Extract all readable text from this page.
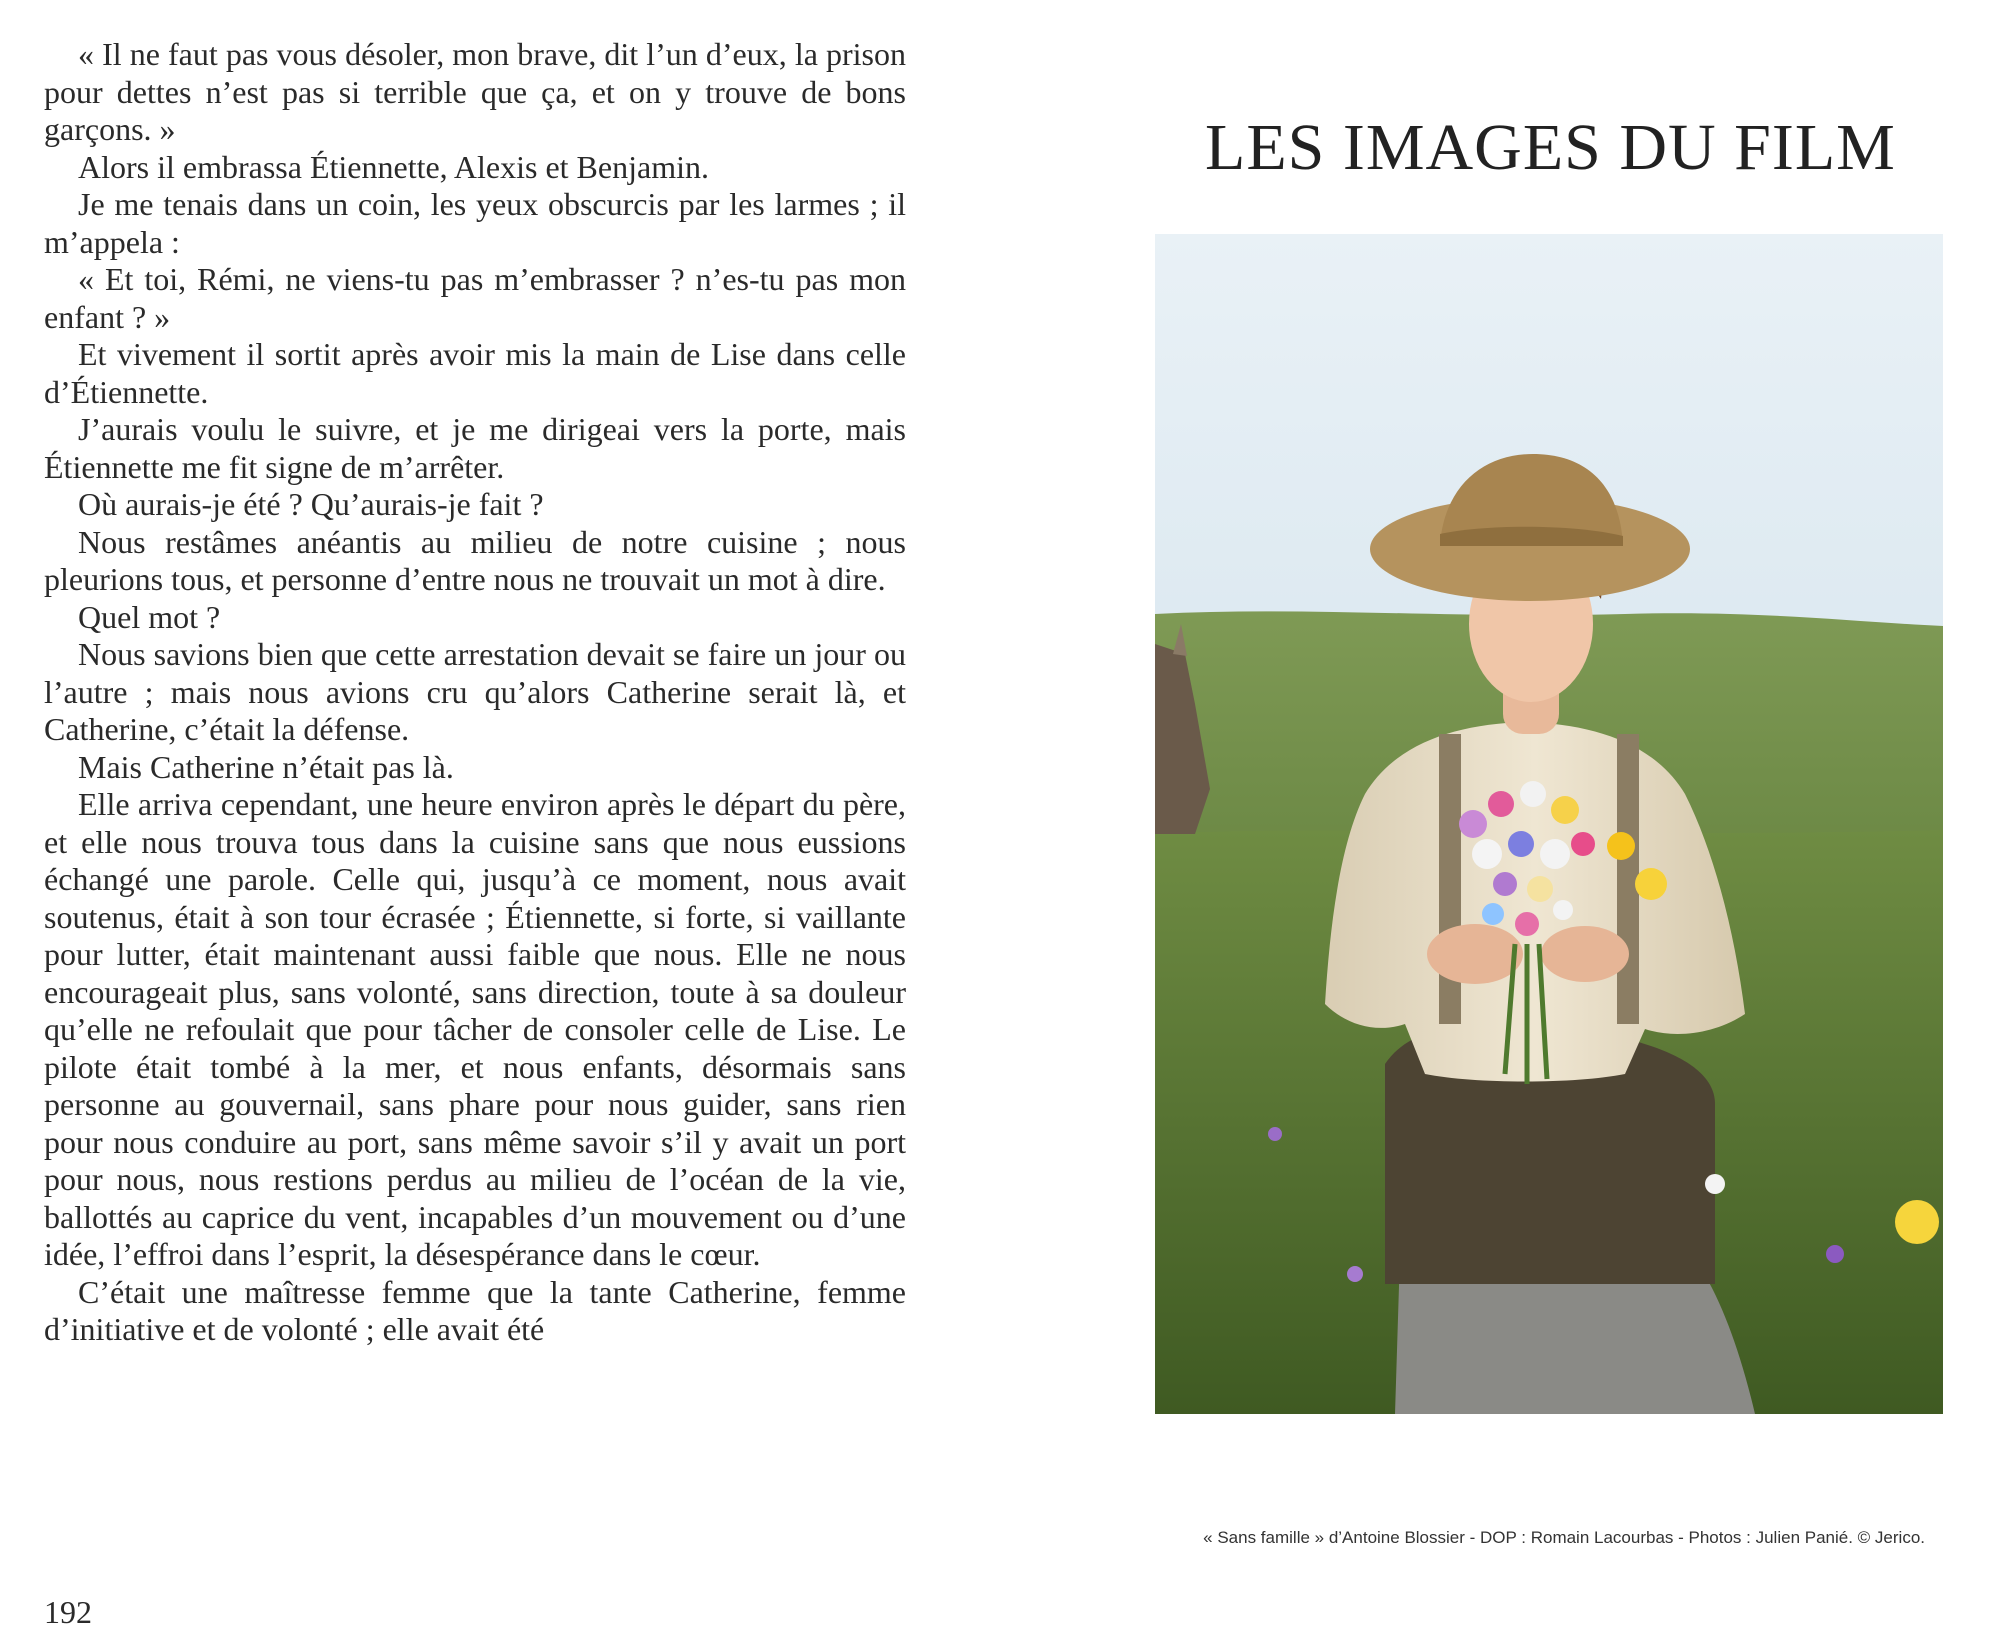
« Il ne faut pas vous désoler, mon brave, dit l’un d’eux, la prison pour dettes n’est pas si terrible que ça, et on y trouve de bons garçons. »

Alors il embrassa Étiennette, Alexis et Benjamin.

Je me tenais dans un coin, les yeux obscurcis par les larmes ; il m’appela :

« Et toi, Rémi, ne viens-tu pas m’embrasser ? n’es-tu pas mon enfant ? »

Et vivement il sortit après avoir mis la main de Lise dans celle d’Étiennette.

J’aurais voulu le suivre, et je me dirigeai vers la porte, mais Étiennette me fit signe de m’arrêter.

Où aurais-je été ? Qu’aurais-je fait ?

Nous restâmes anéantis au milieu de notre cuisine ; nous pleurions tous, et personne d’entre nous ne trouvait un mot à dire.

Quel mot ?

Nous savions bien que cette arrestation devait se faire un jour ou l’autre ; mais nous avions cru qu’alors Catherine serait là, et Catherine, c’était la défense.

Mais Catherine n’était pas là.

Elle arriva cependant, une heure environ après le départ du père, et elle nous trouva tous dans la cuisine sans que nous eussions échangé une parole. Celle qui, jusqu’à ce moment, nous avait soutenus, était à son tour écrasée ; Étiennette, si forte, si vaillante pour lutter, était maintenant aussi faible que nous. Elle ne nous encourageait plus, sans volonté, sans direction, toute à sa douleur qu’elle ne refoulait que pour tâcher de consoler celle de Lise. Le pilote était tombé à la mer, et nous enfants, désormais sans personne au gouvernail, sans phare pour nous guider, sans rien pour nous conduire au port, sans même savoir s’il y avait un port pour nous, nous restions perdus au milieu de l’océan de la vie, ballottés au caprice du vent, incapables d’un mouvement ou d’une idée, l’effroi dans l’esprit, la désespérance dans le cœur.

C’était une maîtresse femme que la tante Catherine, femme d’initiative et de volonté ; elle avait été

192
LES IMAGES DU FILM
« Sans famille » d’Antoine Blossier - DOP : Romain Lacourbas - Photos : Julien Panié. © Jerico.
